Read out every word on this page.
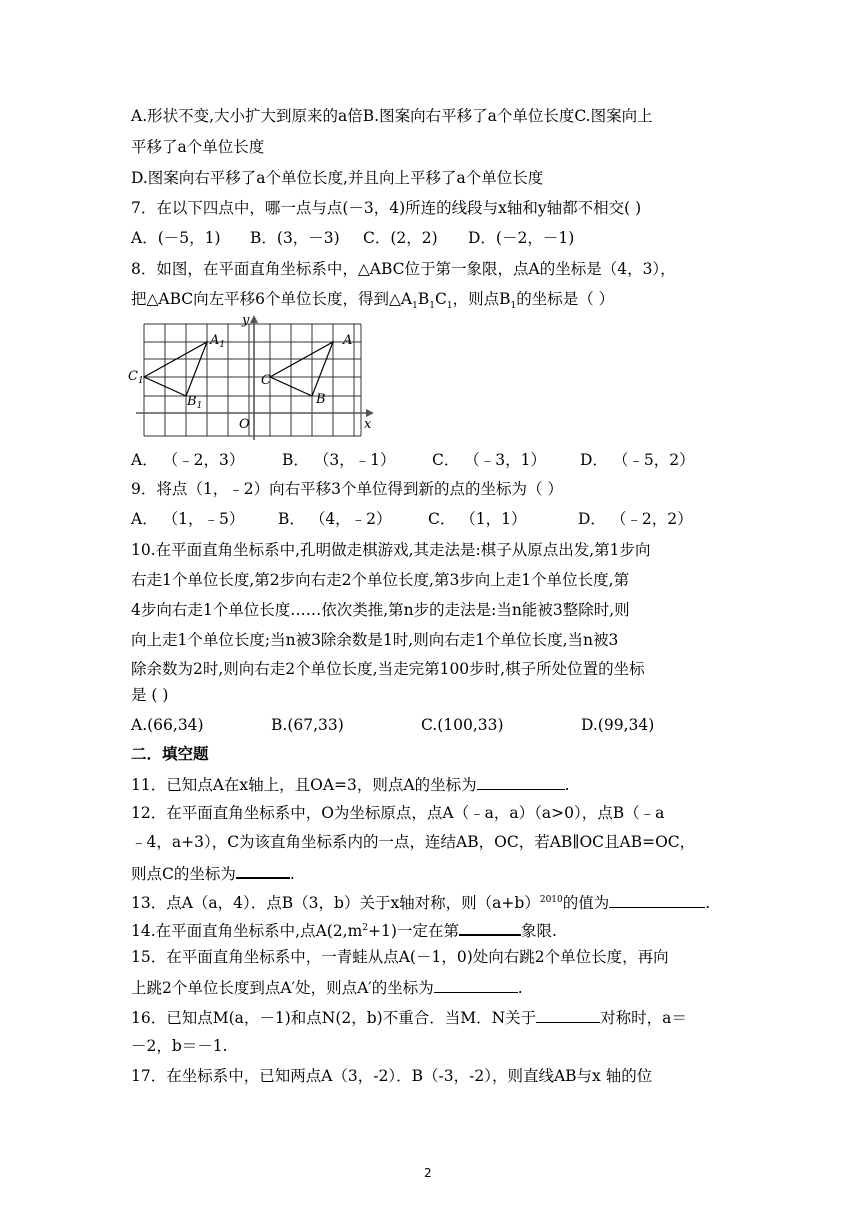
A.形状不变,大小扩大到原来的a倍B.图案向右平移了a个单位长度C.图案向上
平移了a个单位长度
D.图案向右平移了a个单位长度,并且向上平移了a个单位长度
7．在以下四点中，哪一点与点(－3，4)所连的线段与x轴和y轴都不相交( )
A．(－5，1) B．(3，－3) C．(2，2) D．(－2，－1)
8．如图，在平面直角坐标系中，△ABC位于第一象限，点A的坐标是（4，3），
把△ABC向左平移6个单位长度，得到$\triangle A_1B_1C_1$，则点$B_1$的坐标是（ ）
y
x
O
A
B
C
$A_1$
$B_1$
$C_1$
A． （﹣2，3） B． （3，﹣1） C． （﹣3，1） D． （﹣5，2）
9．将点（1，﹣2）向右平移3个单位得到新的点的坐标为（ ）
A． （1，﹣5） B． （4，﹣2） C． （1，1）	D． （﹣2，2）
10.在平面直角坐标系中,孔明做走棋游戏,其走法是:棋子从原点出发,第1步向
右走1个单位长度,第2步向右走2个单位长度,第3步向上走1个单位长度,第
4步向右走1个单位长度……依次类推,第n步的走法是:当n能被3整除时,则
向上走1个单位长度;当n被3除余数是1时,则向右走1个单位长度,当n被3
除余数为2时,则向右走2个单位长度,当走完第100步时,棋子所处位置的坐标
是 ( )
A.(66,34)	B.(67,33)	C.(100,33)	D.(99,34)
二．填空题
11．已知点A在x轴上，且OA=3，则点A的坐标为	.
12．在平面直角坐标系中，O为坐标原点，点A（﹣a，a）（a>0），点B（﹣a
﹣4，a+3），C为该直角坐标系内的一点，连结AB，OC，若AB∥OC且AB=OC，
则点C的坐标为	.
13．点A（a，4）．点B（3，b）关于x轴对称，则$(a+b)^{2010}$的值为	.
14.在平面直角坐标系中,点$A(2,m^2+1)$一定在第	象限.
15．在平面直角坐标系中，一青蛙从点A(－1，0)处向右跳2个单位长度，再向
上跳2个单位长度到点A′处，则点A′的坐标为	.
16．已知点M(a，－1)和点N(2，b)不重合．当M．N关于	对称时，a＝
－2，b＝－1.
17．在坐标系中，已知两点A（3，-2）．B（-3，-2），则直线AB与x 轴的位
2
